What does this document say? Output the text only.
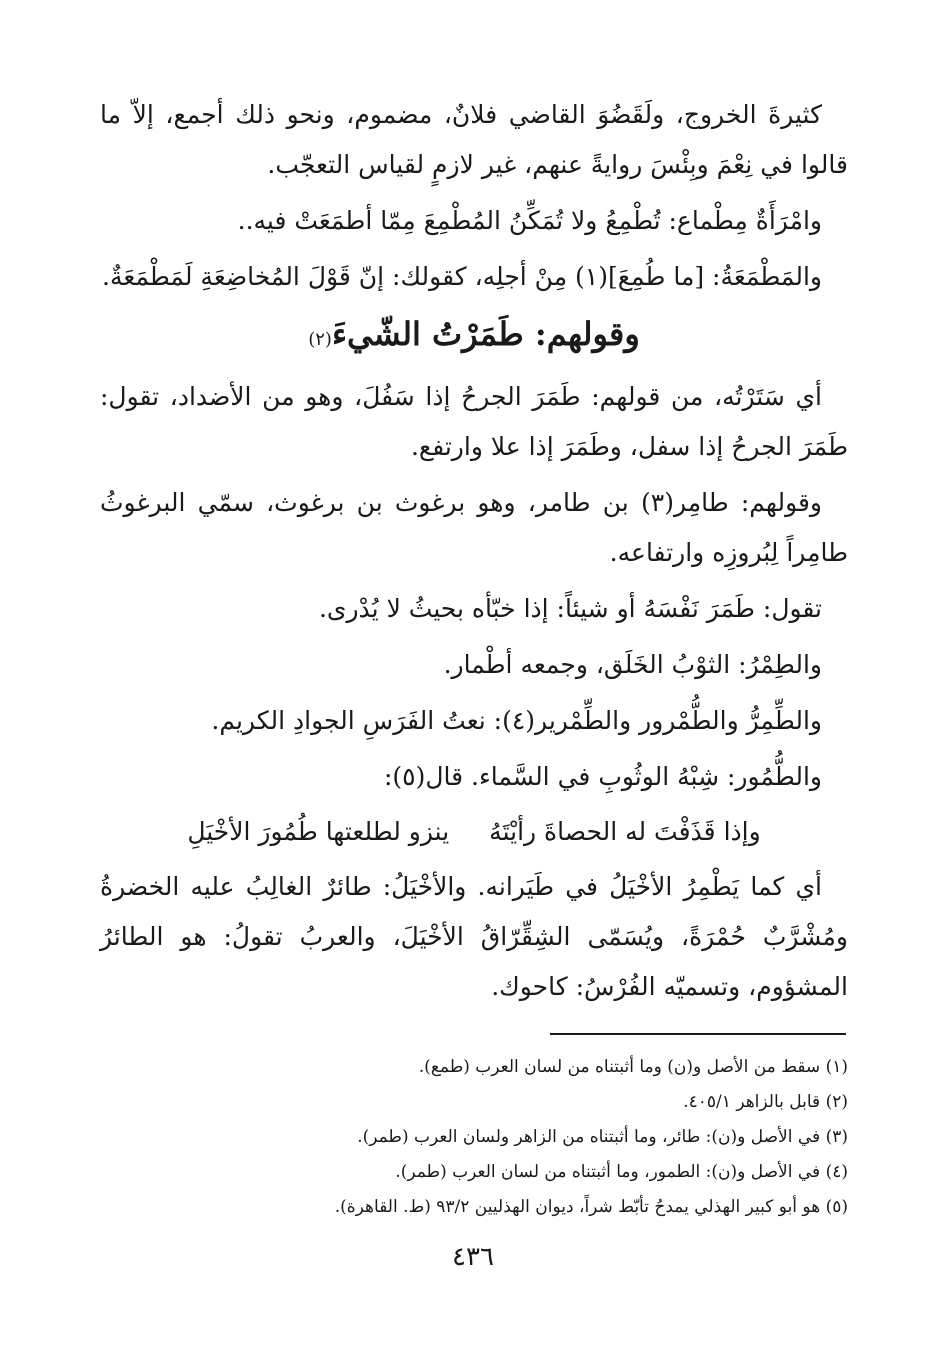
كثيرةَ الخروج، ولَقَضُوَ القاضي فلانٌ، مضموم، ونحو ذلك أجمع، إلاّ ما قالوا في نِعْمَ وبِئْسَ روايةً عنهم، غير لازمٍ لقياس التعجّب.

وامْرَأَةٌ مِطْماع: تُطْمِعُ ولا تُمَكِّنُ المُطْمِعَ مِمّا أطمَعَتْ فيه..

والمَطْمَعَةُ: [ما طُمِعَ](١) مِنْ أجلِه، كقولك: إنّ قَوْلَ المُخاضِعَةِ لَمَطْمَعَةٌ.

وقولهم: طَمَرْتُ الشّيءَ(٢)

أي سَتَرْتُه، من قولهم: طَمَرَ الجرحُ إذا سَفُلَ، وهو من الأضداد، تقول: طَمَرَ الجرحُ إذا سفل، وطَمَرَ إذا علا وارتفع.

وقولهم: طامِر(٣) بن طامر، وهو برغوث بن برغوث، سمّي البرغوثُ طامِراً لِبُروزِه وارتفاعه.

تقول: طَمَرَ نَفْسَهُ أو شيئاً: إذا خبّأه بحيثُ لا يُدْرى.

والطِمْرُ: الثوْبُ الخَلَق، وجمعه أطْمار.

والطِّمِرُّ والطُّمْرور والطِّمْرير(٤): نعتُ الفَرَسِ الجوادِ الكريم.

والطُّمُور: شِبْهُ الوثُوبِ في السَّماء. قال(٥):

وإذا قَذَفْتَ له الحصاةَ رأيْتَهُ
ينزو لطلعتها طُمُورَ الأخْيَلِ

أي كما يَطْمِرُ الأخْيَلُ في طَيَرانه. والأخْيَلُ: طائرٌ الغالِبُ عليه الخضرةُ ومُشْرَّبٌ حُمْرَةً، ويُسَمّى الشِقِّرّاقُ الأخْيَلَ، والعربُ تقولُ: هو الطائرُ المشؤوم، وتسميّه الفُرْسُ: كاحوك.

(١) سقط من الأصل و(ن) وما أثبتناه من لسان العرب (طمع).

(٢) قابل بالزاهر ٤٠٥/١.

(٣) في الأصل و(ن): طائر، وما أثبتناه من الزاهر ولسان العرب (طمر).

(٤) في الأصل و(ن): الطمور، وما أثبتناه من لسان العرب (طمر).

(٥) هو أبو كبير الهذلي يمدحُ تأبّط شراً، ديوان الهذليين ٩٣/٢ (ط. القاهرة).

٤٣٦
